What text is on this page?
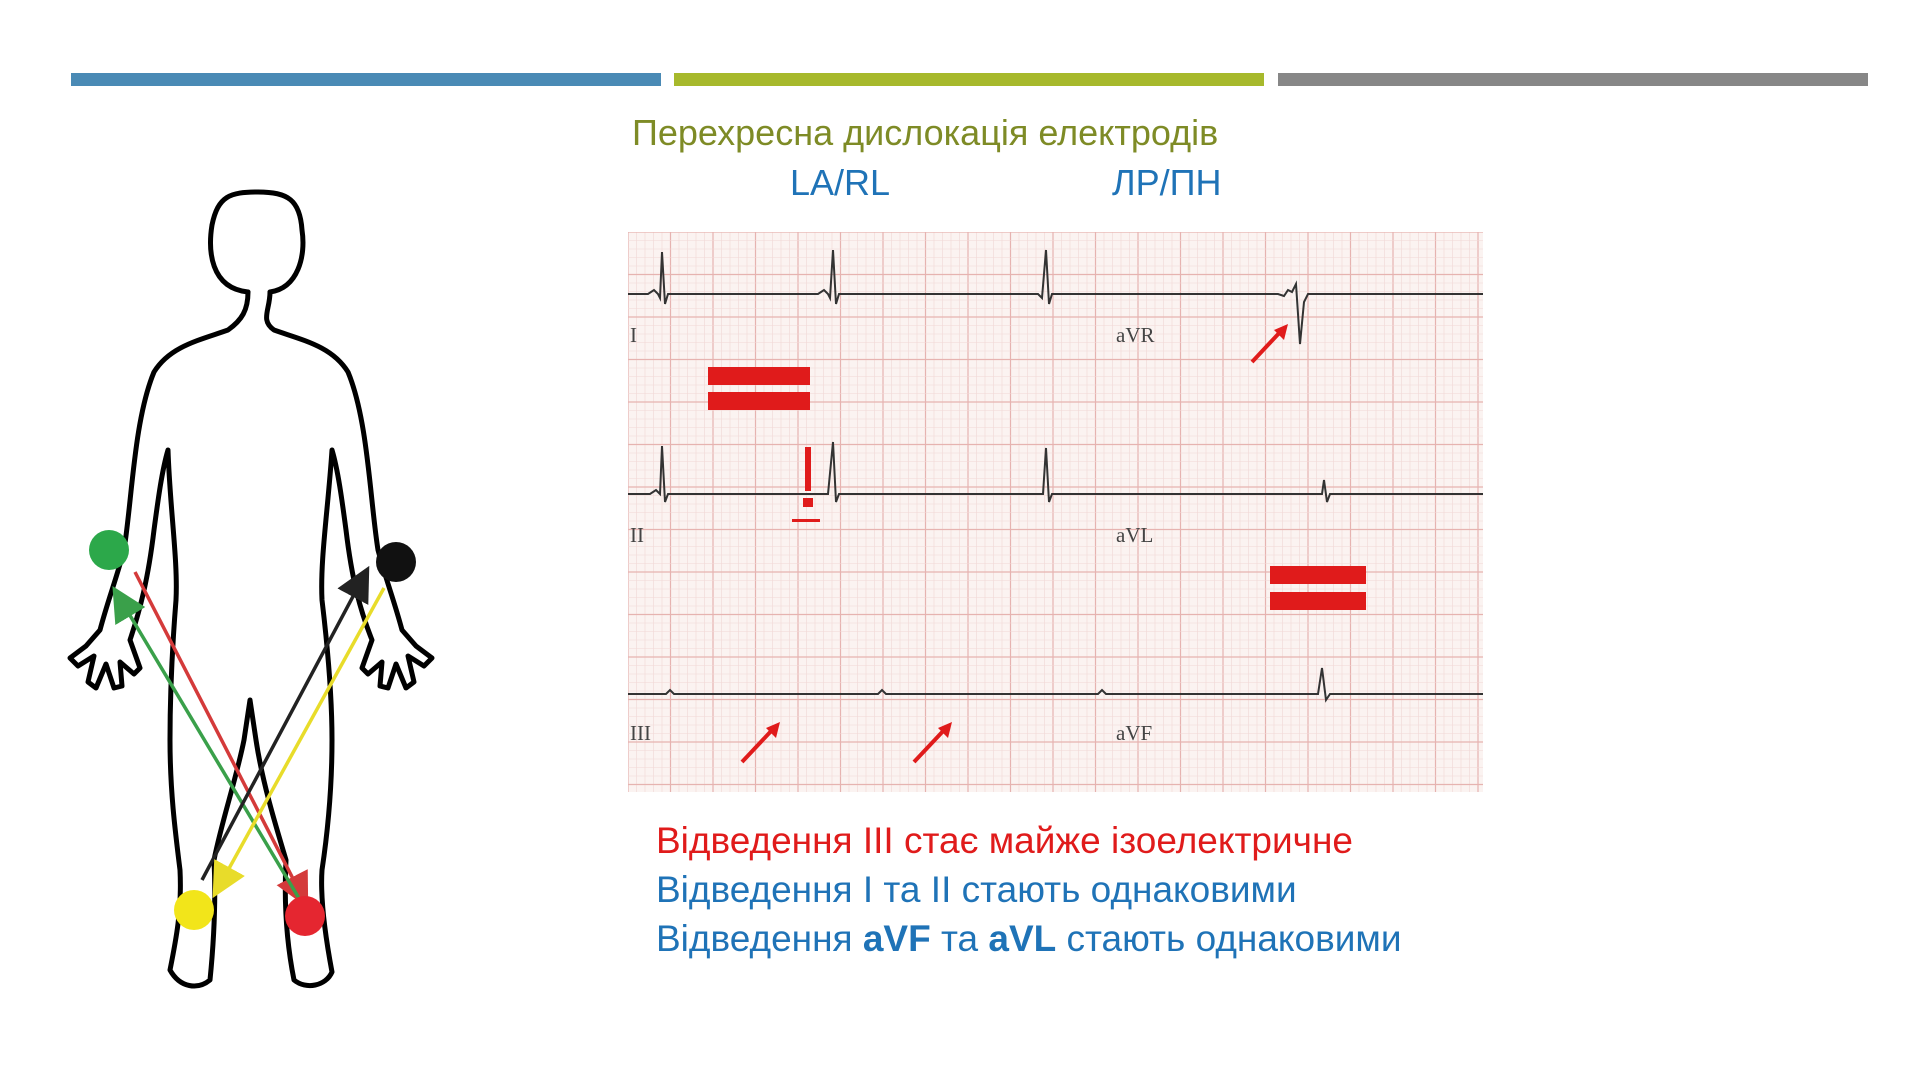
Перехресна дислокація електродів
LA/RL	ЛР/ПН
I	aVR
II	aVL
III	aVF
Відведення III стає майже ізоелектричне
Відведення I та II стають однаковими
Відведення aVF та aVL стають однаковими
